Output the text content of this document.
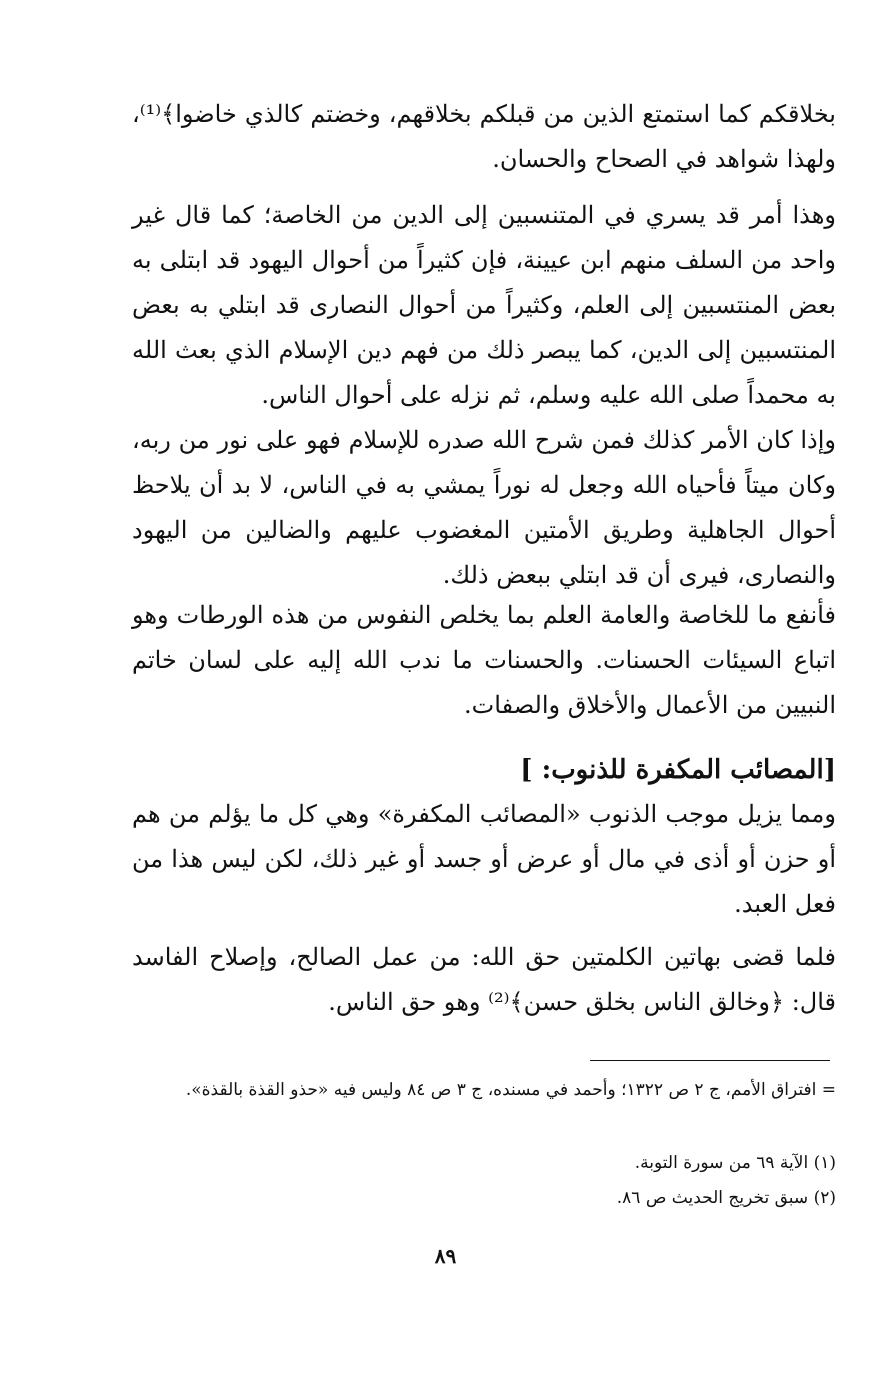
بخلاقكم كما استمتع الذين من قبلكم بخلاقهم، وخضتم كالذي خاضوا﴾⁽¹⁾، ولهذا شواهد في الصحاح والحسان.

وهذا أمر قد يسري في المتنسبين إلى الدين من الخاصة؛ كما قال غير واحد من السلف منهم ابن عيينة، فإن كثيراً من أحوال اليهود قد ابتلى به بعض المنتسبين إلى العلم، وكثيراً من أحوال النصارى قد ابتلي به بعض المنتسبين إلى الدين، كما يبصر ذلك من فهم دين الإسلام الذي بعث الله به محمداً صلى الله عليه وسلم، ثم نزله على أحوال الناس.

وإذا كان الأمر كذلك فمن شرح الله صدره للإسلام فهو على نور من ربه، وكان ميتاً فأحياه الله وجعل له نوراً يمشي به في الناس، لا بد أن يلاحظ أحوال الجاهلية وطريق الأمتين المغضوب عليهم والضالين من اليهود والنصارى، فيرى أن قد ابتلي ببعض ذلك.

فأنفع ما للخاصة والعامة العلم بما يخلص النفوس من هذه الورطات وهو اتباع السيئات الحسنات. والحسنات ما ندب الله إليه على لسان خاتم النبيين من الأعمال والأخلاق والصفات.

[المصائب المكفرة للذنوب: ]

ومما يزيل موجب الذنوب «المصائب المكفرة» وهي كل ما يؤلم من هم أو حزن أو أذى في مال أو عرض أو جسد أو غير ذلك، لكن ليس هذا من فعل العبد.

فلما قضى بهاتين الكلمتين حق الله: من عمل الصالح، وإصلاح الفاسد قال: ﴿وخالق الناس بخلق حسن﴾⁽²⁾ وهو حق الناس.

= افتراق الأمم، ج ٢ ص ١٣٢٢؛ وأحمد في مسنده، ج ٣ ص ٨٤ وليس فيه «حذو القذة بالقذة».

(١) الآية ٦٩ من سورة التوبة.

(٢) سبق تخريج الحديث ص ٨٦.

٨٩
